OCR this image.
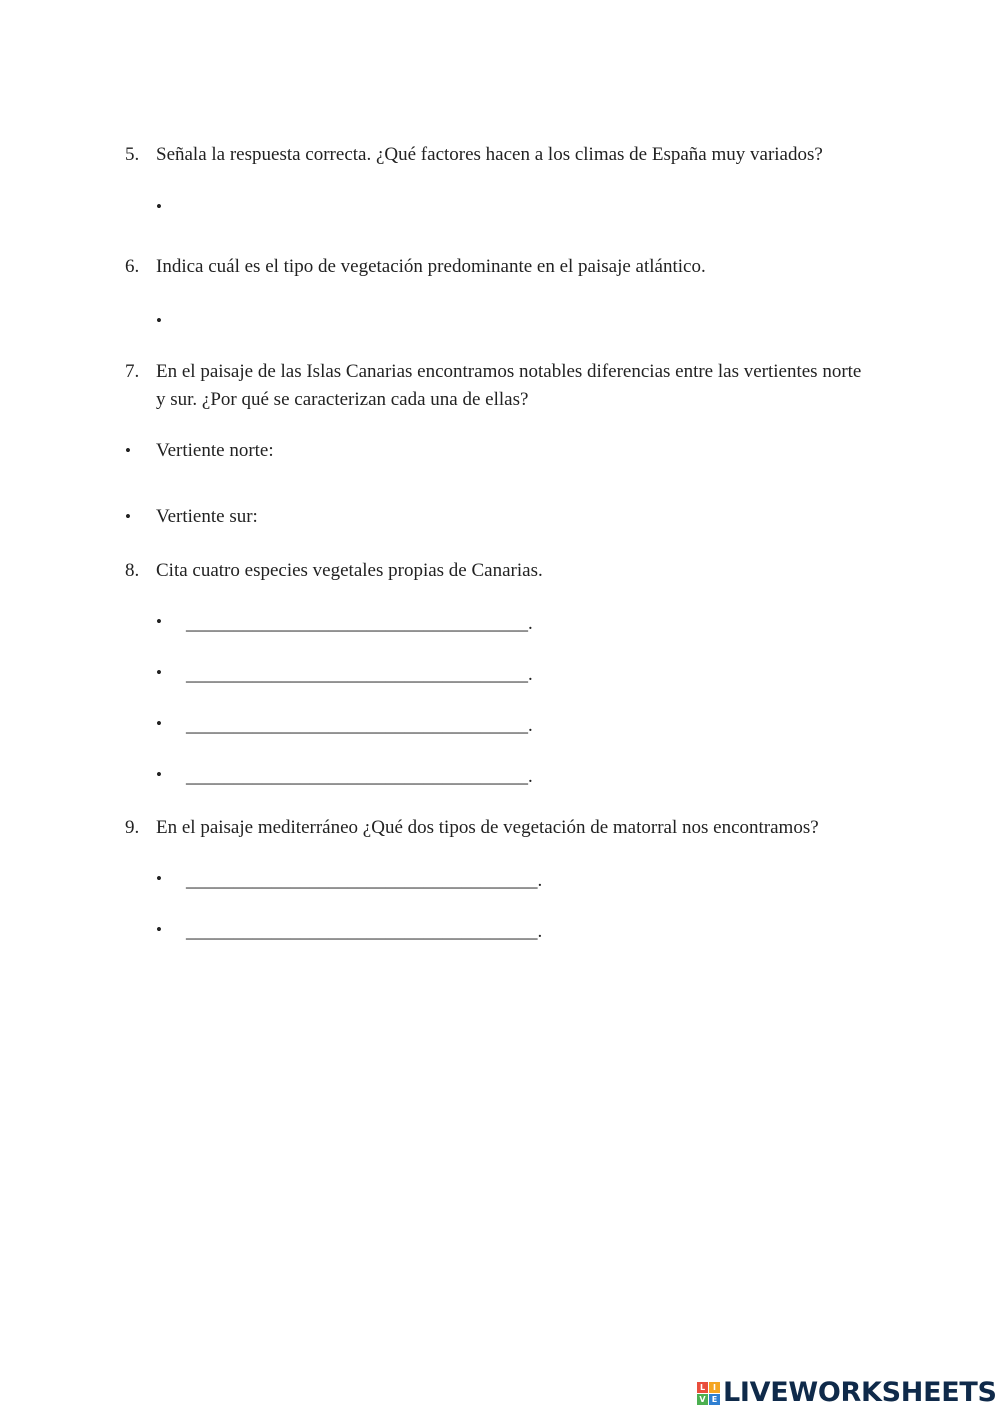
5. Señala la respuesta correcta. ¿Qué factores hacen a los climas de España muy variados?
•
6. Indica cuál es el tipo de vegetación predominante en el paisaje atlántico.
•
7. En el paisaje de las Islas Canarias encontramos notables diferencias entre las vertientes norte
y sur. ¿Por qué se caracterizan cada una de ellas?
• Vertiente norte:
• Vertiente sur:
8. Cita cuatro especies vegetales propias de Canarias.
• ____________________________________.
• ____________________________________.
• ____________________________________.
• ____________________________________.
9. En el paisaje mediterráneo ¿Qué dos tipos de vegetación de matorral nos encontramos?
• _____________________________________.
• _____________________________________.
L I
V E LIVEWORKSHEETS
